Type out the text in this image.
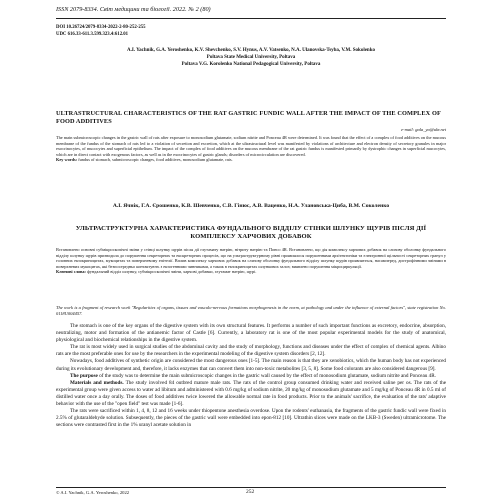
ISSN 2079-8334. Світ медицини та біології. 2022. № 2 (80)
DOI 10.26724/2079-8334-2022-2-80-252-255
UDC 616.33-611.3.599.323.4:612.01
A.I. Yachnik, G.A. Yeroshenko, K.V. Shevchenko, S.V. Hynus, A.V. Vatsenko, N.A. Ulanovska-Tsyba, V.M. Sokolenko
Poltava State Medical University, Poltava
Poltava V.G. Korolenko National Pedagogical University, Poltava
ULTRASTRUCTURAL CHARACTERISTICS OF THE RAT GASTRIC FUNDIC WALL AFTER THE IMPACT OF THE COMPLEX OF FOOD ADDITIVES
e-mail: gala_ya@ukr.net
The main submicroscopic changes in the gastric wall of rats after exposure to monosodium glutamate, sodium nitrite and Ponceau 4R were determined. It was found that the effect of a complex of food additives on the mucous membrane of the fundus of the stomach of rats led to a violation of secretion and excretion, which at the ultrastructural level was manifested by violations of architecture and electron density of secretory granules in major exocrinocytes, of mucocytes and superficial epithelium. The impact of the complex of food additives on the mucous membrane of the rat gastric fundus is manifested primarily by dystrophic changes in superficial mucocytes, which are in direct contact with exogenous factors, as well as in the exocrinocytes of gastric glands; disorders of microcirculation are discovered.
Key words: fundus of stomach, submicroscopic changes, food additives, monosodium glutamate, rats.
А.І. Ячнік, Г.А. Єрошенко, К.В. Шевченко, С.В. Гінюс, А.В. Ваценко, Н.А. Улановська-Циба, В.М. Соколенко
УЛЬТРАСТРУКТУРНА ХАРАКТЕРИСТИКА ФУНДАЛЬНОГО ВІДДІЛУ СТІНКИ ШЛУНКУ ЩУРІВ ПІСЛЯ ДІЇ КОМПЛЕКСУ ХАРЧОВИХ ДОБАВОК
Встановлено основні субмікроскопічні зміни у стінці шлунку щурів після дії глутамату натрію, нітриту натрію та Понсо 4R. Встановлено, що дія комплексу харчових добавок на слизову оболонку фундального відділу шлунку щурів призводила до порушення секреторних та екскреторних процесів, що на ультраструктурному рівні проявлялося порушеннями архітектоніки та електронної щільності секреторних гранул у головних екзокриноцитах, мукоцитах та поверхневому епітелії. Вплив комплексу харчових добавок на слизову оболонку фундального відділу шлунку щурів проявляється, насамперед, дистрофічними змінами в поверхневих мукоцитах, які безпосередньо контактують з екзогенними чинниками, а також в екзокриноцитах шлункових залоз; виявлено порушення мікроциркуляції.
Ключові слова: фундальний відділ шлунку, субмікроскопічні зміни, харчові добавки, глутамат натрію, щурі.
The work is a fragment of research work "Regularities of organs, tissues and vasculo-nervous formations morphogenesis in the norm, at pathology and under the influence of external factors", state registration No. 0118U004457.

The stomach is one of the key organs of the digestive system with its own structural features. It performs a number of such important functions as excretory, endocrine, absorption, neutralizing, motor and formation of the antianemic factor of Castle [6]. Currently, a laboratory rat is one of the most popular experimental models for the study of anatomical, physiological and biochemical relationships in the digestive system.

The rat is most widely used in surgical studies of the abdominal cavity and the study of morphology, functions and diseases under the effect of complex of chemical agents. Albino rats are the most preferable ones for use by the researchers in the experimental modeling of the digestive system disorders [2, 12].

Nowadays, food additives of synthetic origin are considered the most dangerous ones [1-5]. The main reason is that they are xenobiotics, which the human body has not experienced during its evolutionary development and, therefore, it lacks enzymes that can convert them into non-toxic metabolites [3, 5, 8]. Some food colorants are also considered dangerous [9].

The purpose of the study was to determine the main submicroscopic changes in the gastric wall caused by the effect of monosodium glutamate, sodium nitrite and Ponceau 4R.

Materials and methods. The study involved 84 outbred mature male rats. The rats of the control group consumed drinking water and received saline per os. The rats of the experimental group were given access to water ad libitum and administered with 0.6 mg/kg of sodium nitrite, 20 mg/kg of monosodium glutamate and 5 mg/kg of Ponceau 4R in 0.5 ml of distilled water once a day orally. The doses of food additives twice lowered the allowable normal rate in food products. Prior to the animals' sacrifice, the evaluation of the rats' adaptive behavior with the use of the "open field" test was made [1-6].

The rats were sacrificed within 1, 4, 8, 12 and 16 weeks under thiopentone anesthesia overdose. Upon the rodents' euthanasia, the fragments of the gastric fundic wall were fixed in 2.5% of glutaraldehyde solution. Subsequently, the pieces of the gastric wall were embedded into epon-812 [10]. Ultrathin slices were made on the LKB-3 (Sweden) ultramicrotome. The sections were contrasted first in the 1% uranyl acetate solution in

© A.I. Yachnik, G.A. Yeroshenko, 2022	252
